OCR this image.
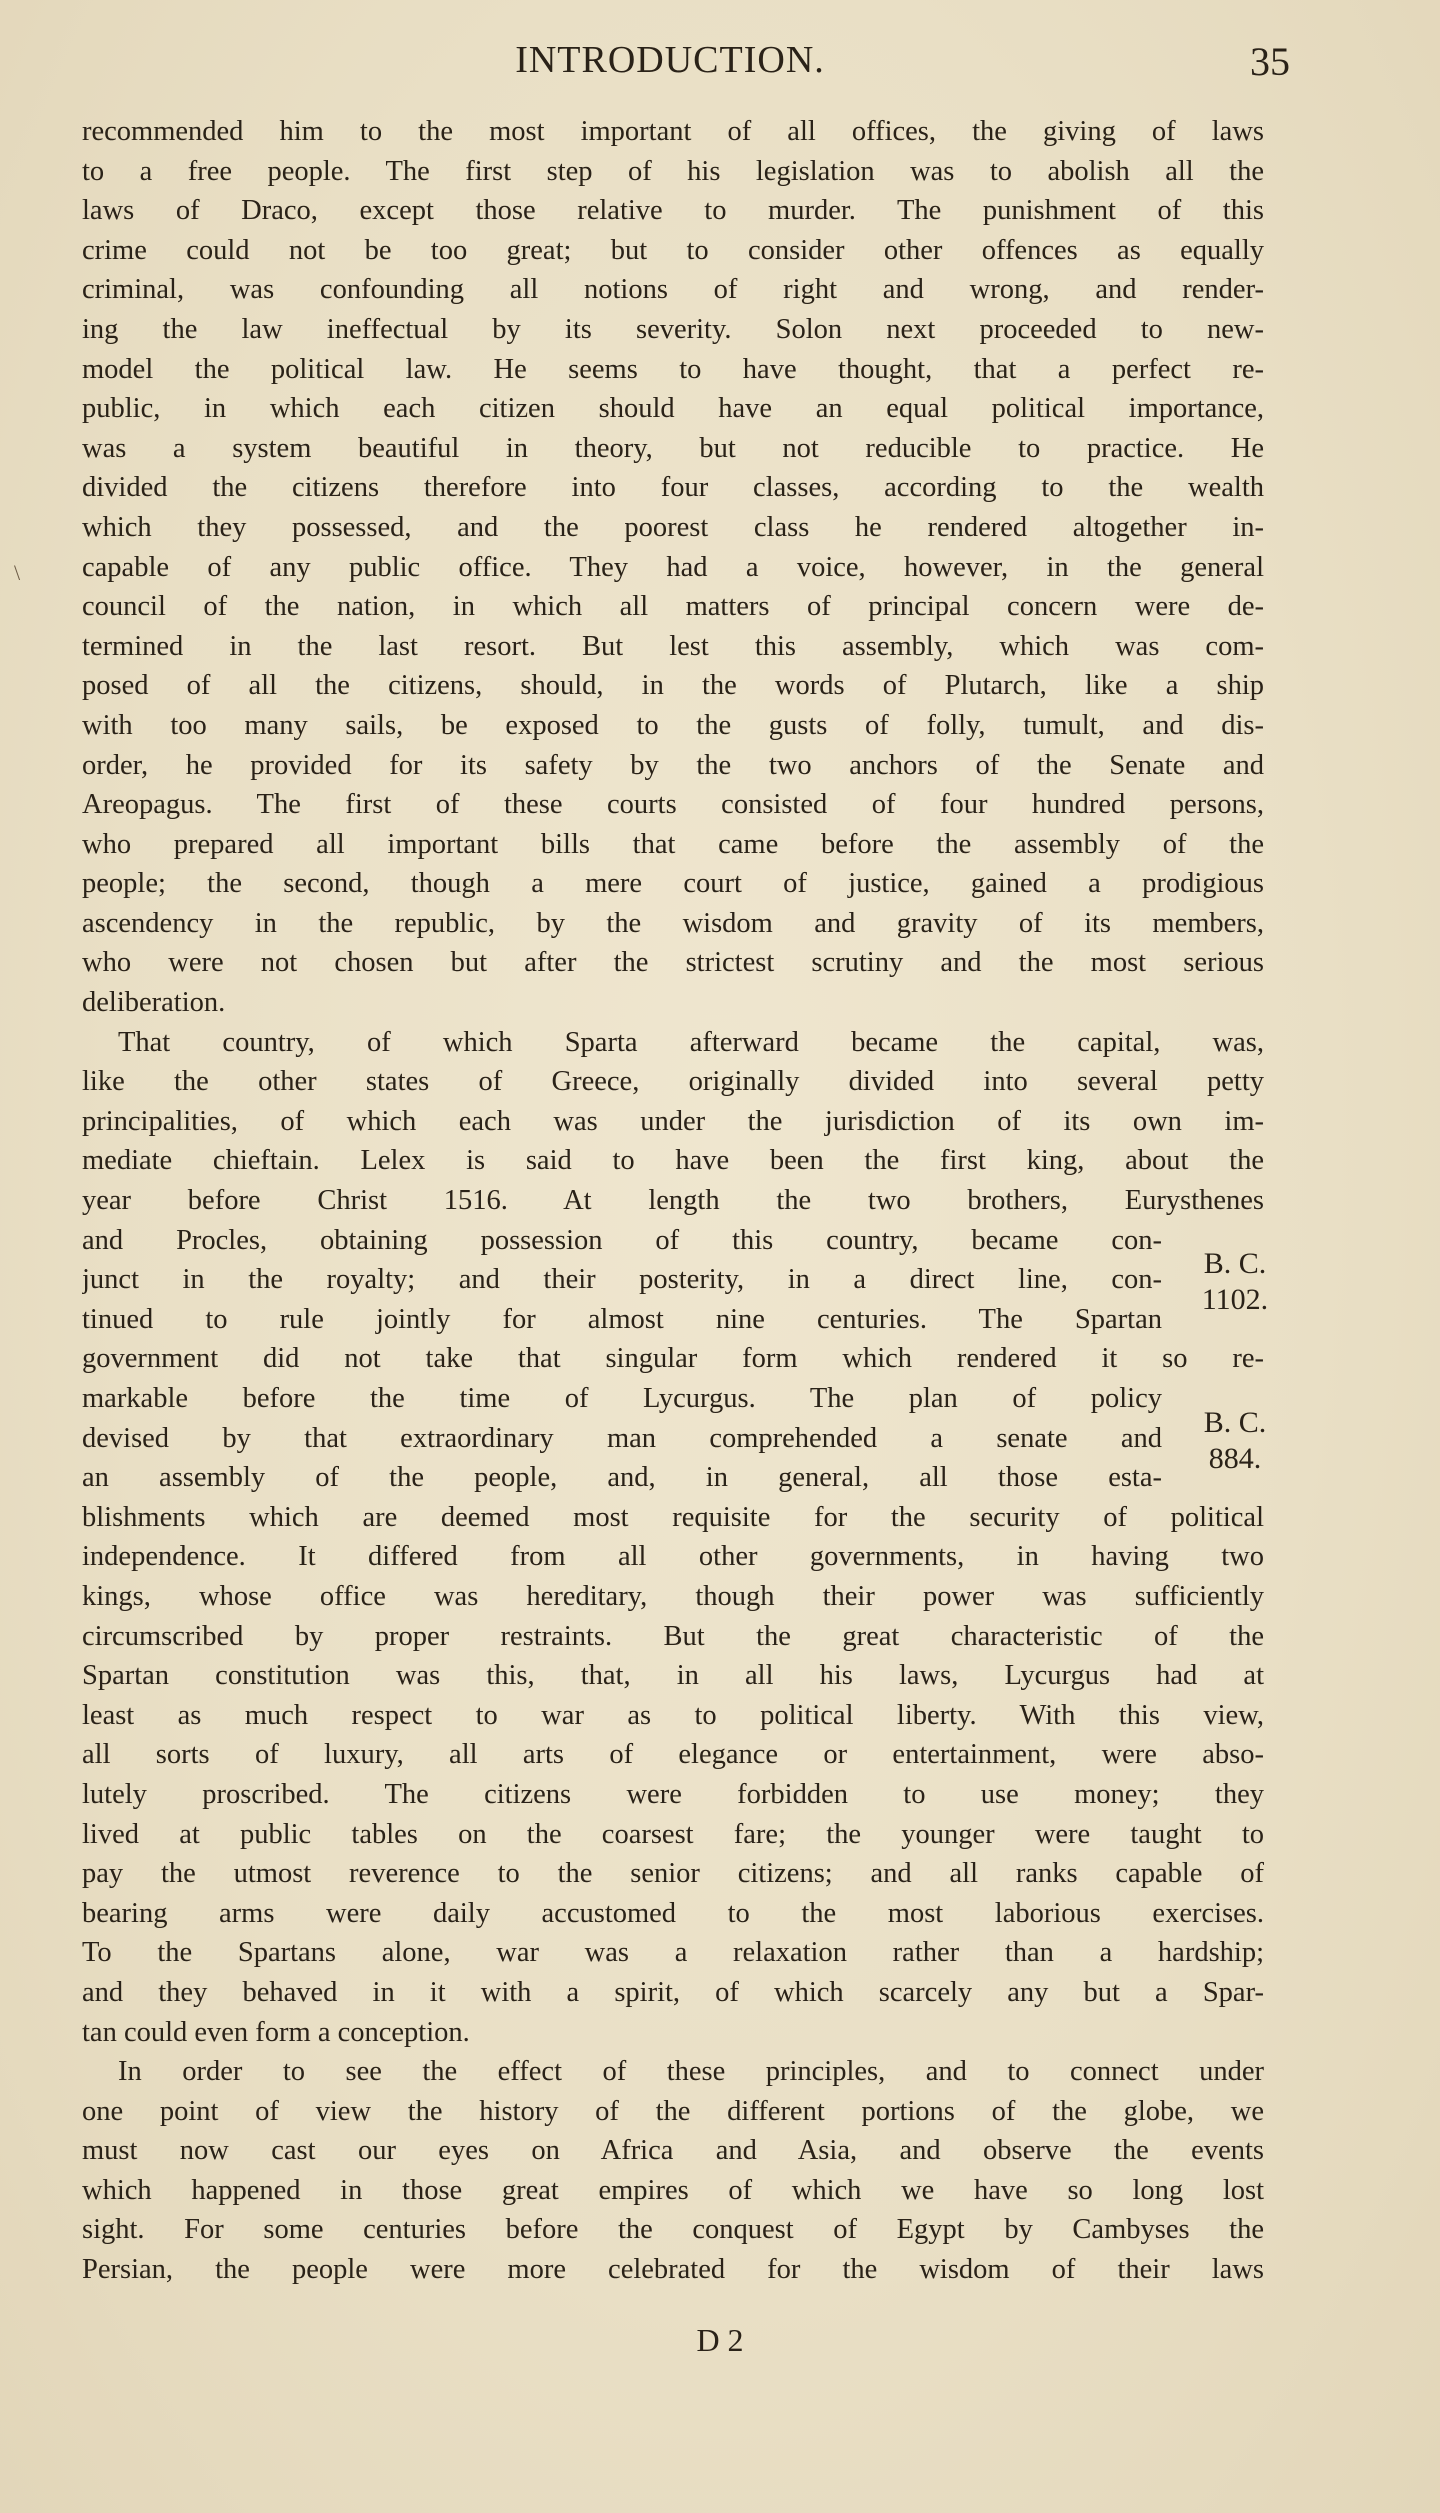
INTRODUCTION.	35
\
recommended him to the most important of all offices, the giving of laws
to a free people. The first step of his legislation was to abolish all the
laws of Draco, except those relative to murder. The punishment of this
crime could not be too great; but to consider other offences as equally
criminal, was confounding all notions of right and wrong, and render-
ing the law ineffectual by its severity. Solon next proceeded to new-
model the political law. He seems to have thought, that a perfect re-
public, in which each citizen should have an equal political importance,
was a system beautiful in theory, but not reducible to practice. He
divided the citizens therefore into four classes, according to the wealth
which they possessed, and the poorest class he rendered altogether in-
capable of any public office. They had a voice, however, in the general
council of the nation, in which all matters of principal concern were de-
termined in the last resort. But lest this assembly, which was com-
posed of all the citizens, should, in the words of Plutarch, like a ship
with too many sails, be exposed to the gusts of folly, tumult, and dis-
order, he provided for its safety by the two anchors of the Senate and
Areopagus. The first of these courts consisted of four hundred persons,
who prepared all important bills that came before the assembly of the
people; the second, though a mere court of justice, gained a prodigious
ascendency in the republic, by the wisdom and gravity of its members,
who were not chosen but after the strictest scrutiny and the most serious
deliberation.
That country, of which Sparta afterward became the capital, was,
like the other states of Greece, originally divided into several petty
principalities, of which each was under the jurisdiction of its own im-
mediate chieftain. Lelex is said to have been the first king, about the
year before Christ 1516. At length the two brothers, Eurysthenes
and Procles, obtaining possession of this country, became con-
junct in the royalty; and their posterity, in a direct line, con-
tinued to rule jointly for almost nine centuries. The Spartan
government did not take that singular form which rendered it so re-
markable before the time of Lycurgus. The plan of policy
devised by that extraordinary man comprehended a senate and
an assembly of the people, and, in general, all those esta-
blishments which are deemed most requisite for the security of political
independence. It differed from all other governments, in having two
kings, whose office was hereditary, though their power was sufficiently
circumscribed by proper restraints. But the great characteristic of the
Spartan constitution was this, that, in all his laws, Lycurgus had at
least as much respect to war as to political liberty. With this view,
all sorts of luxury, all arts of elegance or entertainment, were abso-
lutely proscribed. The citizens were forbidden to use money; they
lived at public tables on the coarsest fare; the younger were taught to
pay the utmost reverence to the senior citizens; and all ranks capable of
bearing arms were daily accustomed to the most laborious exercises.
To the Spartans alone, war was a relaxation rather than a hardship;
and they behaved in it with a spirit, of which scarcely any but a Spar-
tan could even form a conception.
In order to see the effect of these principles, and to connect under
one point of view the history of the different portions of the globe, we
must now cast our eyes on Africa and Asia, and observe the events
which happened in those great empires of which we have so long lost
sight. For some centuries before the conquest of Egypt by Cambyses the
Persian, the people were more celebrated for the wisdom of their laws
B. C.
1102.
B. C.
884.
D 2
